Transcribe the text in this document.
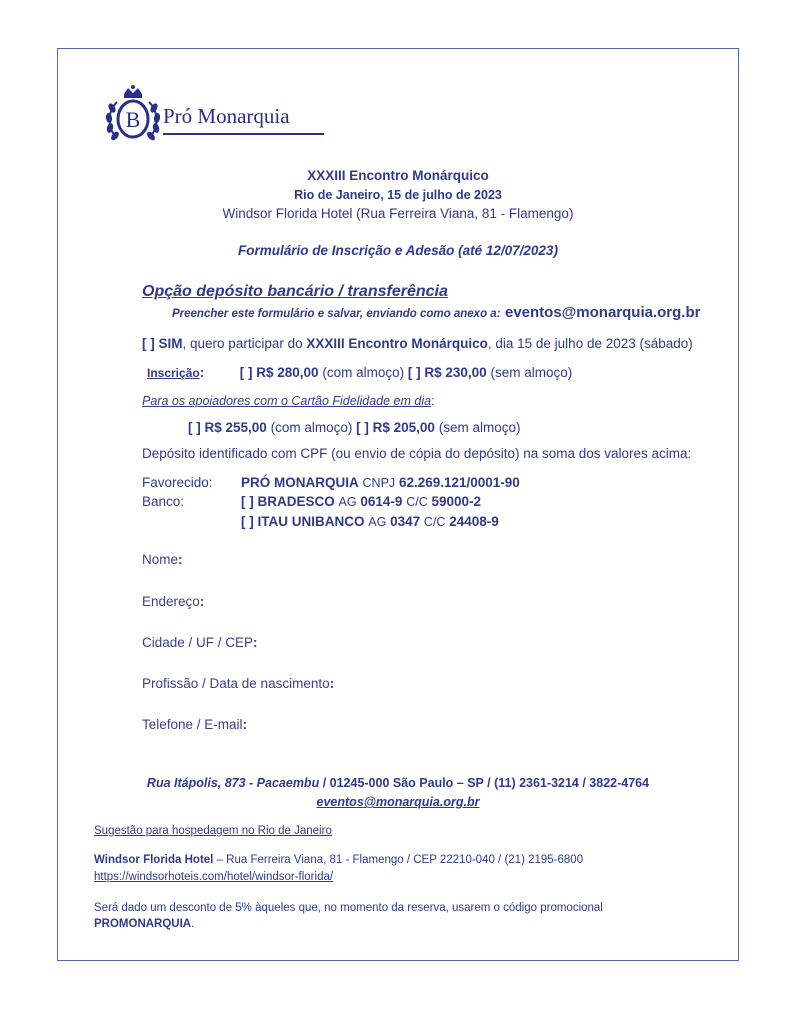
B Pró Monarquia
XXXIII Encontro Monárquico
Rio de Janeiro, 15 de julho de 2023
Windsor Florida Hotel (Rua Ferreira Viana, 81 - Flamengo)
Formulário de Inscrição e Adesão (até 12/07/2023)
Opção depósito bancário / transferência
Preencher este formulário e salvar, enviando como anexo a: eventos@monarquia.org.br
[ ] SIM, quero participar do XXXIII Encontro Monárquico, dia 15 de julho de 2023 (sábado)
Inscrição:	[ ] R$ 280,00 (com almoço) [ ] R$ 230,00 (sem almoço)
Para os apoiadores com o Cartão Fidelidade em dia:
[ ] R$ 255,00 (com almoço) [ ] R$ 205,00 (sem almoço)
Depósito identificado com CPF (ou envio de cópia do depósito) na soma dos valores acima:
Favorecido: PRÓ MONARQUIA CNPJ 62.269.121/0001-90
Banco:	[ ] BRADESCO AG 0614-9 C/C 59000-2
[ ] ITAU UNIBANCO AG 0347 C/C 24408-9
Nome:
Endereço:
Cidade / UF / CEP:
Profissão / Data de nascimento:
Telefone / E-mail:
Rua Itápolis, 873 - Pacaembu / 01245-000 São Paulo – SP / (11) 2361-3214 / 3822-4764
eventos@monarquia.org.br
Sugestão para hospedagem no Rio de Janeiro
Windsor Florida Hotel – Rua Ferreira Viana, 81 - Flamengo / CEP 22210-040 / (21) 2195-6800
https://windsorhoteis.com/hotel/windsor-florida/
Será dado um desconto de 5% àqueles que, no momento da reserva, usarem o código promocional
PROMONARQUIA.
